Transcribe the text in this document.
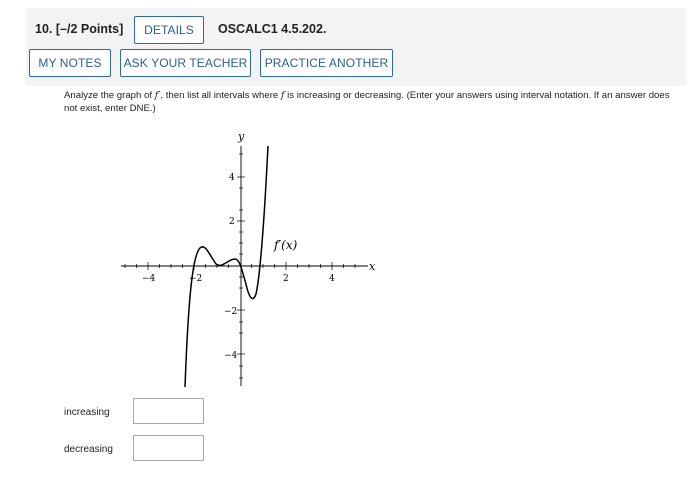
10. [–/2 Points]	DETAILS	OSCALC1 4.5.202.
MY NOTES	ASK YOUR TEACHER	PRACTICE ANOTHER
Analyze the graph of f′, then list all intervals where f is increasing or decreasing. (Enter your answers using interval notation. If an answer does not exist, enter DNE.)
−4	−2	2	4
4
2
−2
−4
y
x
f′(x)
increasing
decreasing
